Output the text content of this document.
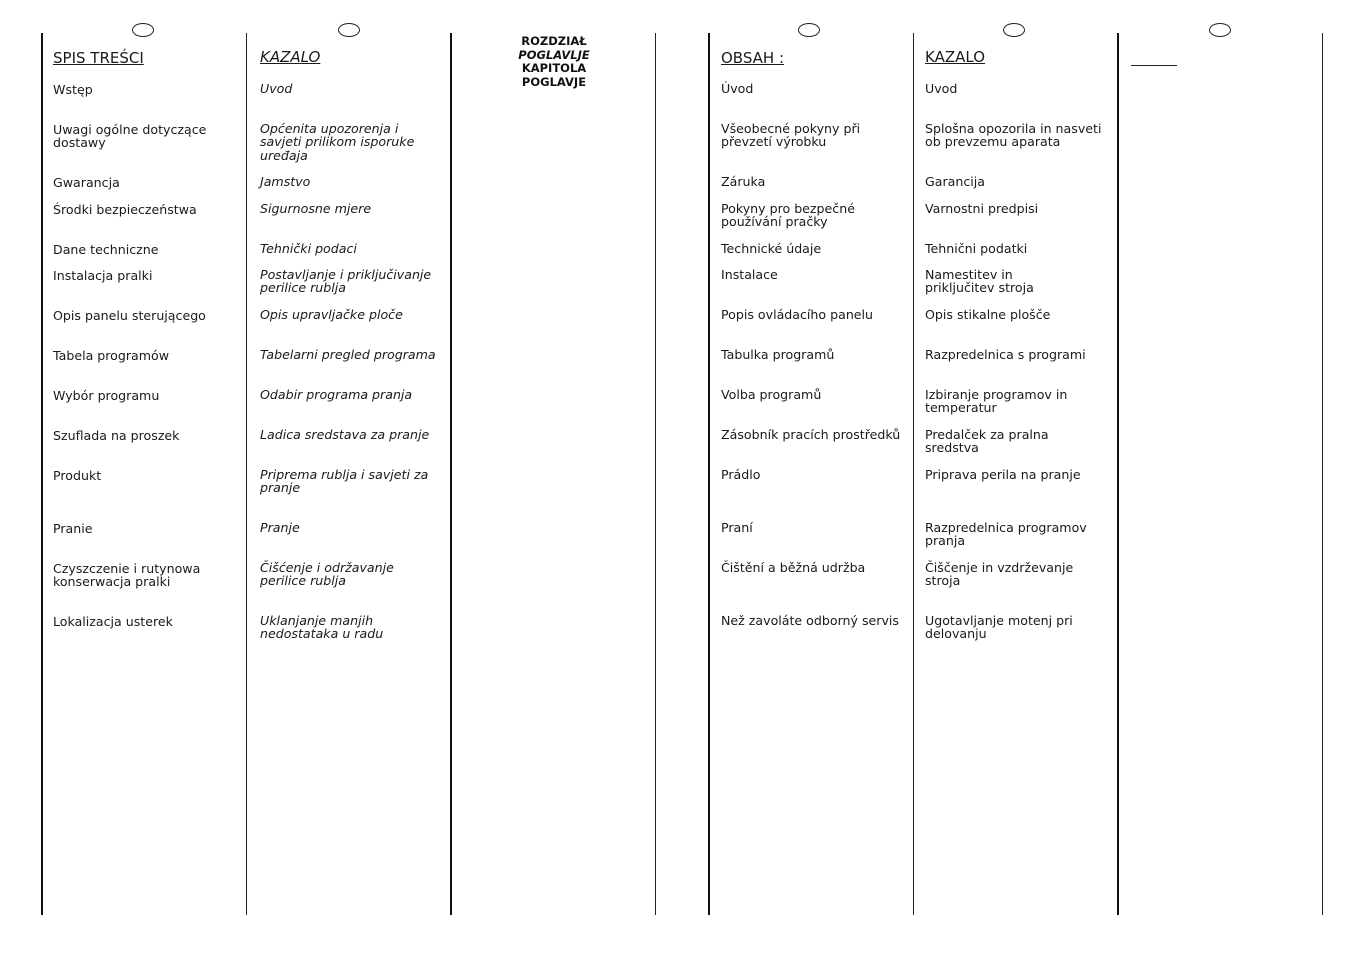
ROZDZIAŁ
POGLAVLJE
KAPITOLA
POGLAVJE
SPIS TREŚCI
Wstęp
Uwagi ogólne dotyczące dostawy
Gwarancja
Środki bezpieczeństwa
Dane techniczne
Instalacja pralki
Opis panelu sterującego
Tabela programów
Wybór programu
Szuflada na proszek
Produkt
Pranie
Czyszczenie i rutynowa konserwacja pralki
Lokalizacja usterek
KAZALO
Uvod
Općenita upozorenja i savjeti prilikom isporuke uređaja
Jamstvo
Sigurnosne mjere
Tehnički podaci
Postavljanje i priključivanje perilice rublja
Opis upravljačke ploče
Tabelarni pregled programa
Odabir programa pranja
Ladica sredstava za pranje
Priprema rublja i savjeti za pranje
Pranje
Čišćenje i održavanje perilice rublja
Uklanjanje manjih nedostataka u radu
OBSAH :
Úvod
Všeobecné pokyny při převzetí výrobku
Záruka
Pokyny pro bezpečné používání pračky
Technické údaje
Instalace
Popis ovládacího panelu
Tabulka programů
Volba programů
Zásobník pracích prostředků
Prádlo
Praní
Čištění a běžná udržba
Než zavoláte odborný servis
KAZALO
Uvod
Splošna opozorila in nasveti ob prevzemu aparata
Garancija
Varnostni predpisi
Tehnični podatki
Namestitev in priključitev stroja
Opis stikalne plošče
Razpredelnica s programi
Izbiranje programov in temperatur
Predalček za pralna sredstva
Priprava perila na pranje
Razpredelnica programov pranja
Čiščenje in vzdrževanje stroja
Ugotavljanje motenj pri delovanju
